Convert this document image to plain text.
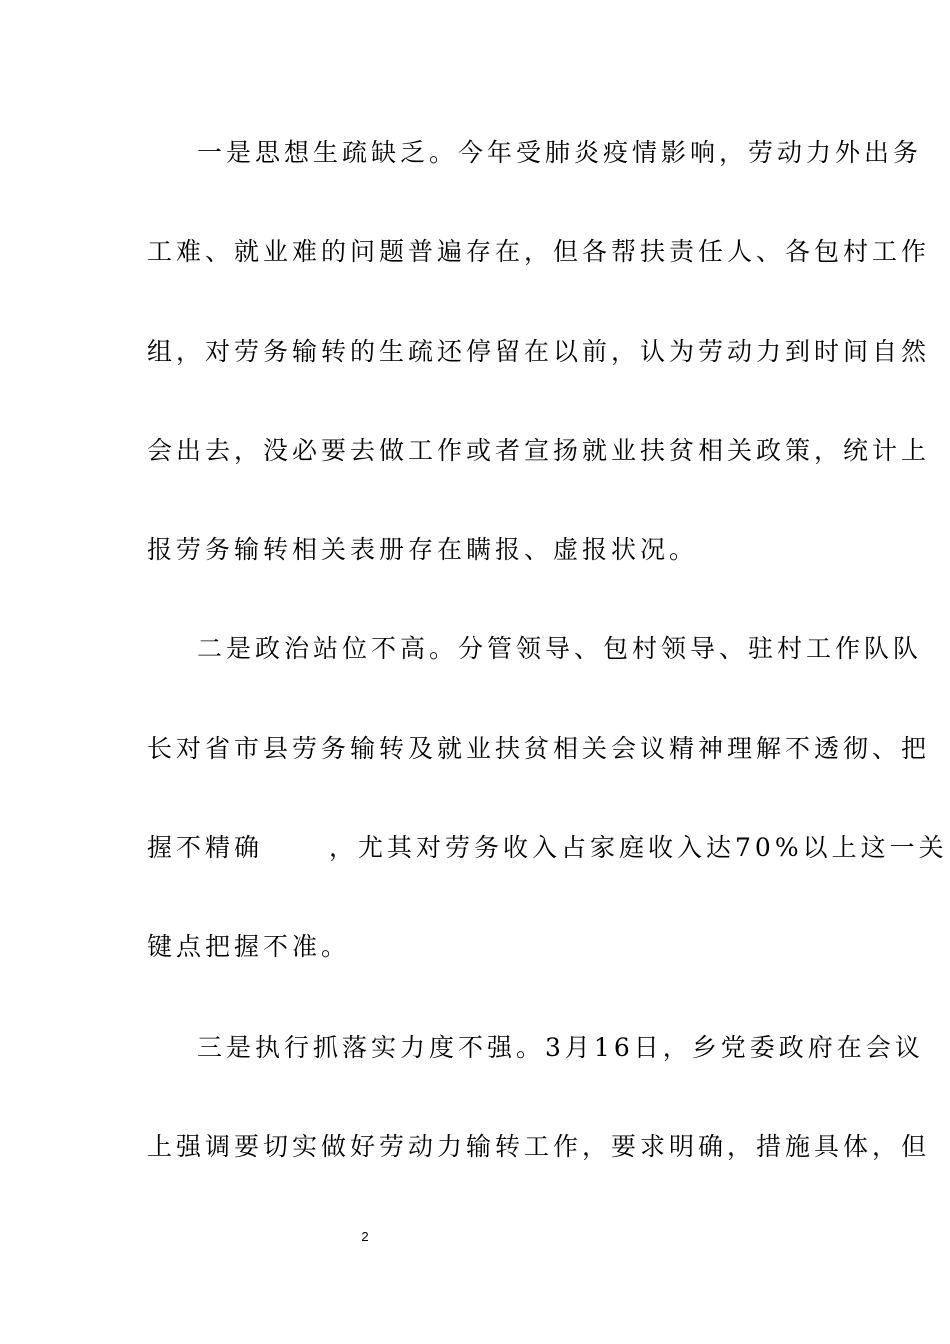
一是思想生疏缺乏。今年受肺炎疫情影响，劳动力外出务
工难、就业难的问题普遍存在，但各帮扶责任人、各包村工作
组，对劳务输转的生疏还停留在以前，认为劳动力到时间自然
会出去，没必要去做工作或者宣扬就业扶贫相关政策，统计上
报劳务输转相关表册存在瞒报、虚报状况。
二是政治站位不高。分管领导、包村领导、驻村工作队队
长对省市县劳务输转及就业扶贫相关会议精神理解不透彻、把
握不精确	，尤其对劳务收入占家庭收入达70%以上这一关
键点把握不准。
三是执行抓落实力度不强。3月16日，乡党委政府在会议
上强调要切实做好劳动力输转工作，要求明确，措施具体，但
2
